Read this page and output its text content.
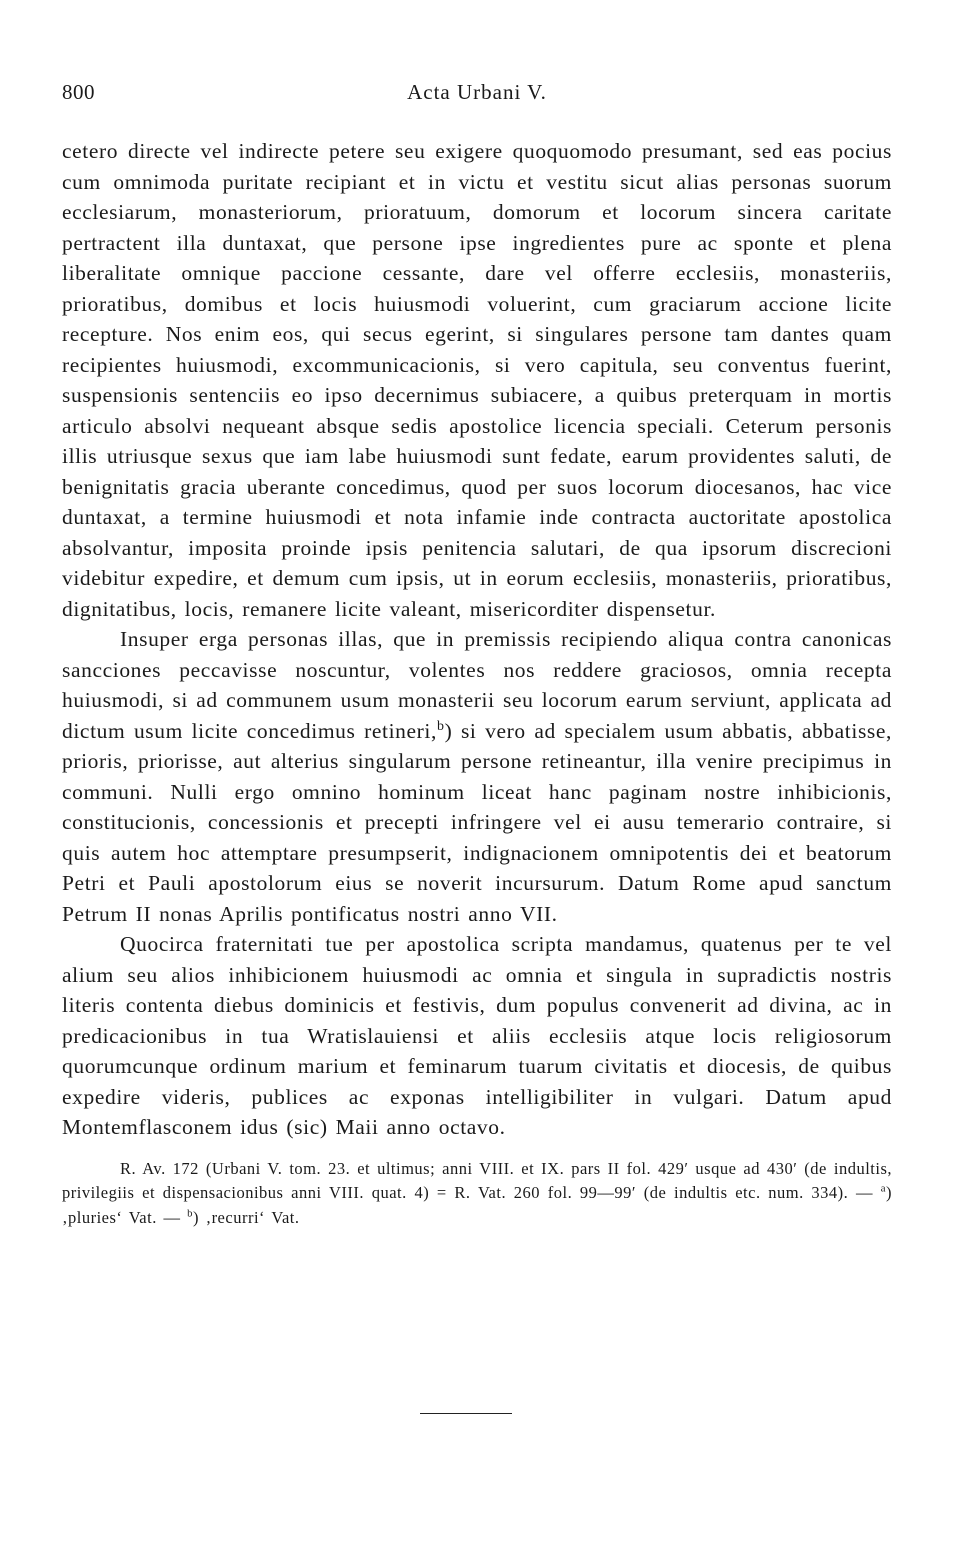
800	Acta Urbani V.

cetero directe vel indirecte petere seu exigere quoquomodo presumant, sed eas pocius cum omnimoda puritate recipiant et in victu et vestitu sicut alias personas suorum ecclesiarum, monasteriorum, prioratuum, domorum et locorum sincera caritate pertractent illa duntaxat, que persone ipse ingredientes pure ac sponte et plena liberalitate omnique paccione cessante, dare vel offerre ecclesiis, monasteriis, prioratibus, domibus et locis huiusmodi voluerint, cum graciarum accione licite recepture. Nos enim eos, qui secus egerint, si singulares persone tam dantes quam recipientes huiusmodi, excommunicacionis, si vero capitula, seu conventus fuerint, suspensionis sentenciis eo ipso decernimus subiacere, a quibus preterquam in mortis articulo absolvi nequeant absque sedis apostolice licencia speciali. Ceterum personis illis utriusque sexus que iam labe huiusmodi sunt fedate, earum providentes saluti, de benignitatis gracia uberante concedimus, quod per suos locorum diocesanos, hac vice duntaxat, a termine huiusmodi et nota infamie inde contracta auctoritate apostolica absolvantur, imposita proinde ipsis penitencia salutari, de qua ipsorum discrecioni videbitur expedire, et demum cum ipsis, ut in eorum ecclesiis, monasteriis, prioratibus, dignitatibus, locis, remanere licite valeant, misericorditer dispensetur.

Insuper erga personas illas, que in premissis recipiendo aliqua contra canonicas sancciones peccavisse noscuntur, volentes nos reddere graciosos, omnia recepta huiusmodi, si ad communem usum monasterii seu locorum earum serviunt, applicata ad dictum usum licite concedimus retineri,$^b$) si vero ad specialem usum abbatis, abbatisse, prioris, priorisse, aut alterius singularum persone retineantur, illa venire precipimus in communi. Nulli ergo omnino hominum liceat hanc paginam nostre inhibicionis, constitucionis, concessionis et precepti infringere vel ei ausu temerario contraire, si quis autem hoc attemptare presumpserit, indignacionem omnipotentis dei et beatorum Petri et Pauli apostolorum eius se noverit incursurum. Datum Rome apud sanctum Petrum II nonas Aprilis pontificatus nostri anno VII.

Quocirca fraternitati tue per apostolica scripta mandamus, quatenus per te vel alium seu alios inhibicionem huiusmodi ac omnia et singula in supradictis nostris literis contenta diebus dominicis et festivis, dum populus convenerit ad divina, ac in predicacionibus in tua Wratislauiensi et aliis ecclesiis atque locis religiosorum quorumcunque ordinum marium et feminarum tuarum civitatis et diocesis, de quibus expedire videris, publices ac exponas intelligibiliter in vulgari. Datum apud Montemflasconem idus (sic) Maii anno octavo.

R. Av. 172 (Urbani V. tom. 23. et ultimus; anni VIII. et IX. pars II fol. 429′ usque ad 430′ (de indultis, privilegiis et dispensacionibus anni VIII. quat. 4) = R. Vat. 260 fol. 99—99′ (de indultis etc. num. 334). — $^a$) ‚pluries‘ Vat. — $^b$) ‚recurri‘ Vat.
